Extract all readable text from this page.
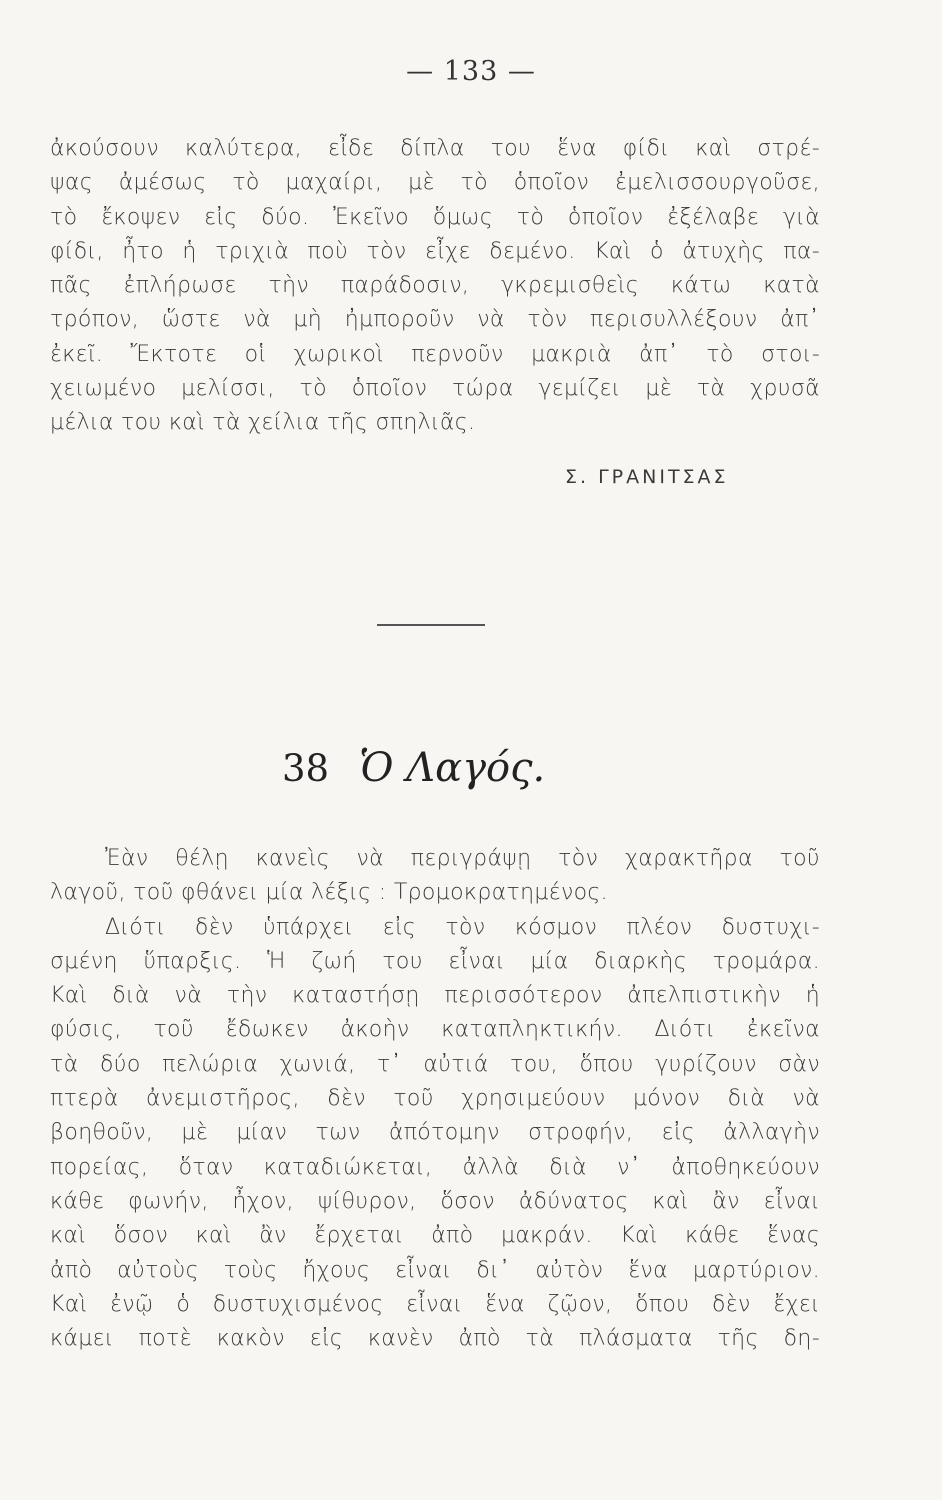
— 133 —
ἀκούσουν καλύτερα, εἶδε δίπλα του ἕνα φίδι καὶ στρέ-
ψας ἀμέσως τὸ μαχαίρι, μὲ τὸ ὁποῖον ἐμελισσουργοῦσε,
τὸ ἔκοψεν εἰς δύο. Ἐκεῖνο ὅμως τὸ ὁποῖον ἐξέλαβε γιὰ
φίδι, ἦτο ἡ τριχιὰ ποὺ τὸν εἶχε δεμένο. Καὶ ὁ ἀτυχὴς πα-
πᾶς ἐπλήρωσε τὴν παράδοσιν, γκρεμισθεὶς κάτω κατὰ
τρόπον, ὥστε νὰ μὴ ἠμποροῦν νὰ τὸν περισυλλέξουν ἀπ᾿
ἐκεῖ. Ἔκτοτε οἱ χωρικοὶ περνοῦν μακριὰ ἀπ᾿ τὸ στοι-
χειωμένο μελίσσι, τὸ ὁποῖον τώρα γεμίζει μὲ τὰ χρυσᾶ
μέλια του καὶ τὰ χείλια τῆς σπηλιᾶς.
Σ. ΓΡΑΝΙΤΣΑΣ
38 Ὁ Λαγός.
Ἐὰν θέλῃ κανεὶς νὰ περιγράψῃ τὸν χαρακτῆρα τοῦ
λαγοῦ, τοῦ φθάνει μία λέξις : Τρομοκρατημένος.
Διότι δὲν ὑπάρχει εἰς τὸν κόσμον πλέον δυστυχι-
σμένη ὕπαρξις. Ἡ ζωή του εἶναι μία διαρκὴς τρομάρα.
Καὶ διὰ νὰ τὴν καταστήσῃ περισσότερον ἀπελπιστικὴν ἡ
φύσις, τοῦ ἔδωκεν ἀκοὴν καταπληκτικήν. Διότι ἐκεῖνα
τὰ δύο πελώρια χωνιά, τ᾿ αὐτιά του, ὅπου γυρίζουν σὰν
πτερὰ ἀνεμιστῆρος, δὲν τοῦ χρησιμεύουν μόνον διὰ νὰ
βοηθοῦν, μὲ μίαν των ἀπότομην στροφήν, εἰς ἀλλαγὴν
πορείας, ὅταν καταδιώκεται, ἀλλὰ διὰ ν᾿ ἀποθηκεύουν
κάθε φωνήν, ἦχον, ψίθυρον, ὅσον ἀδύνατος καὶ ἂν εἶναι
καὶ ὅσον καὶ ἂν ἔρχεται ἀπὸ μακράν. Καὶ κάθε ἕνας
ἀπὸ αὐτοὺς τοὺς ἤχους εἶναι δι᾿ αὐτὸν ἕνα μαρτύριον.
Καὶ ἐνῷ ὁ δυστυχισμένος εἶναι ἕνα ζῷον, ὅπου δὲν ἔχει
κάμει ποτὲ κακὸν εἰς κανὲν ἀπὸ τὰ πλάσματα τῆς δη-
